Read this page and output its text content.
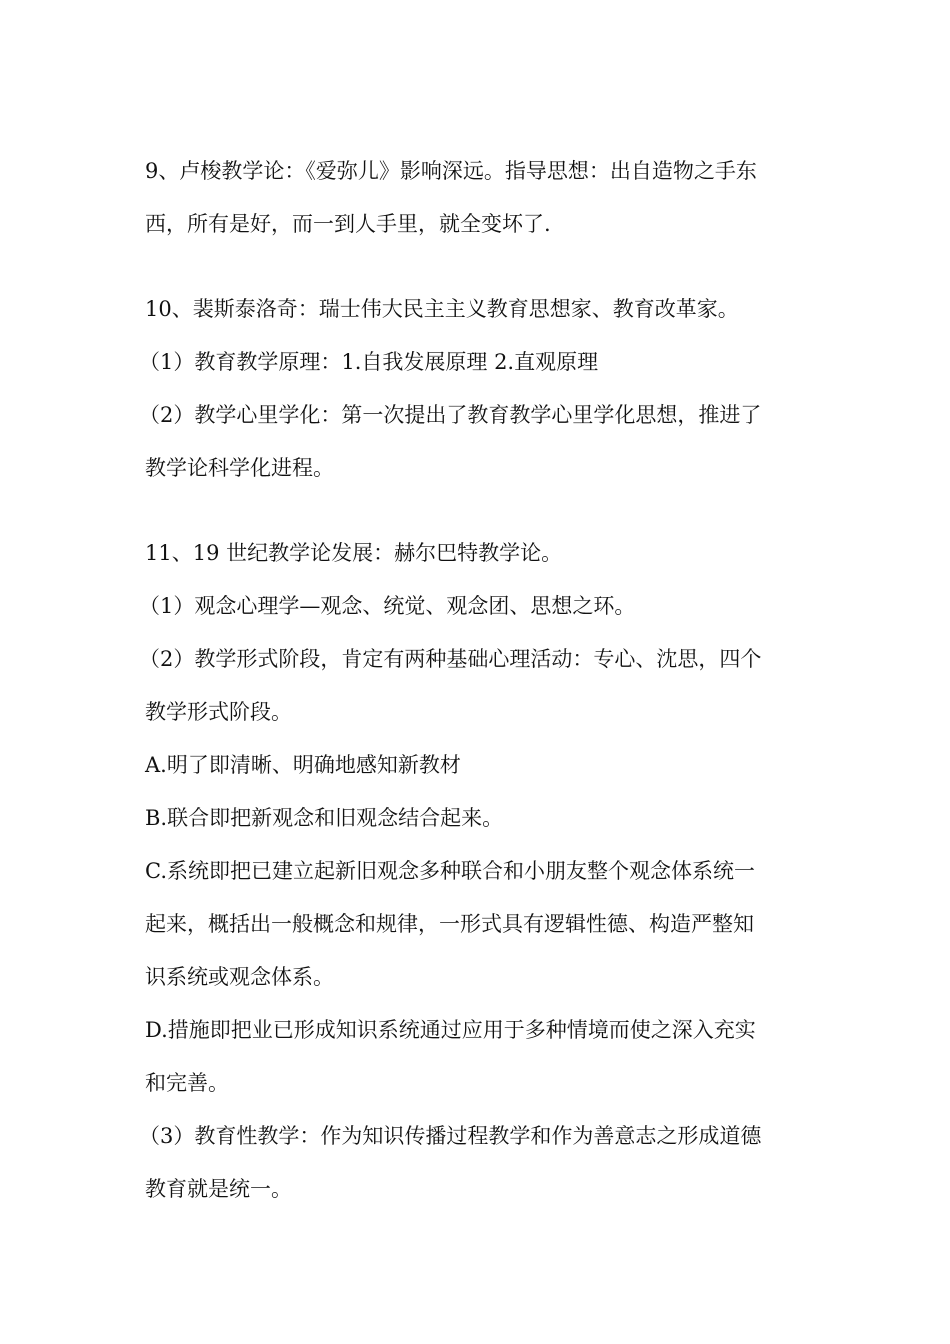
9、卢梭教学论：《爱弥儿》影响深远。指导思想：出自造物之手东
西，所有是好，而一到人手里，就全变坏了.
10、裴斯泰洛奇：瑞士伟大民主主义教育思想家、教育改革家。
（1）教育教学原理：1.自我发展原理 2.直观原理
（2）教学心里学化：第一次提出了教育教学心里学化思想，推进了
教学论科学化进程。
11、19 世纪教学论发展：赫尔巴特教学论。
（1）观念心理学—观念、统觉、观念团、思想之环。
（2）教学形式阶段，肯定有两种基础心理活动：专心、沈思，四个
教学形式阶段。
A.明了即清晰、明确地感知新教材
B.联合即把新观念和旧观念结合起来。
C.系统即把已建立起新旧观念多种联合和小朋友整个观念体系统一
起来，概括出一般概念和规律，一形式具有逻辑性德、构造严整知
识系统或观念体系。
D.措施即把业已形成知识系统通过应用于多种情境而使之深入充实
和完善。
（3）教育性教学：作为知识传播过程教学和作为善意志之形成道德
教育就是统一。
